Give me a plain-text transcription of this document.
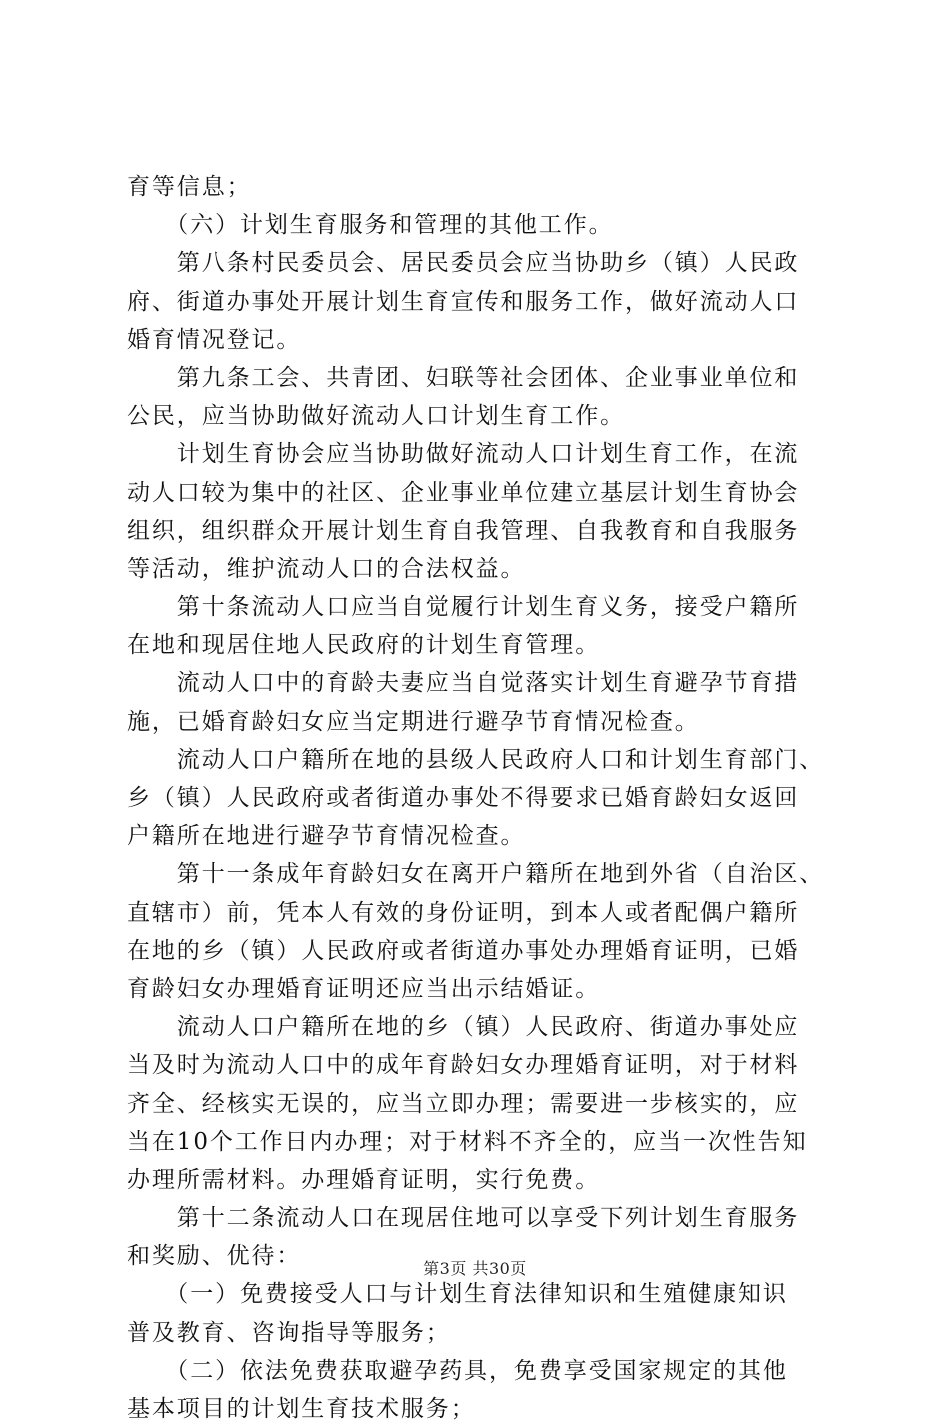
育等信息；
　　（六）计划生育服务和管理的其他工作。
　　第八条村民委员会、居民委员会应当协助乡（镇）人民政
府、街道办事处开展计划生育宣传和服务工作，做好流动人口
婚育情况登记。
　　第九条工会、共青团、妇联等社会团体、企业事业单位和
公民，应当协助做好流动人口计划生育工作。
　　计划生育协会应当协助做好流动人口计划生育工作，在流
动人口较为集中的社区、企业事业单位建立基层计划生育协会
组织，组织群众开展计划生育自我管理、自我教育和自我服务
等活动，维护流动人口的合法权益。
　　第十条流动人口应当自觉履行计划生育义务，接受户籍所
在地和现居住地人民政府的计划生育管理。
　　流动人口中的育龄夫妻应当自觉落实计划生育避孕节育措
施，已婚育龄妇女应当定期进行避孕节育情况检查。
　　流动人口户籍所在地的县级人民政府人口和计划生育部门、
乡（镇）人民政府或者街道办事处不得要求已婚育龄妇女返回
户籍所在地进行避孕节育情况检查。
　　第十一条成年育龄妇女在离开户籍所在地到外省（自治区、
直辖市）前，凭本人有效的身份证明，到本人或者配偶户籍所
在地的乡（镇）人民政府或者街道办事处办理婚育证明，已婚
育龄妇女办理婚育证明还应当出示结婚证。
　　流动人口户籍所在地的乡（镇）人民政府、街道办事处应
当及时为流动人口中的成年育龄妇女办理婚育证明，对于材料
齐全、经核实无误的，应当立即办理；需要进一步核实的，应
当在10个工作日内办理；对于材料不齐全的，应当一次性告知
办理所需材料。办理婚育证明，实行免费。
　　第十二条流动人口在现居住地可以享受下列计划生育服务
和奖励、优待：
　　（一）免费接受人口与计划生育法律知识和生殖健康知识
普及教育、咨询指导等服务；
　　（二）依法免费获取避孕药具，免费享受国家规定的其他
基本项目的计划生育技术服务；
第3页 共30页
